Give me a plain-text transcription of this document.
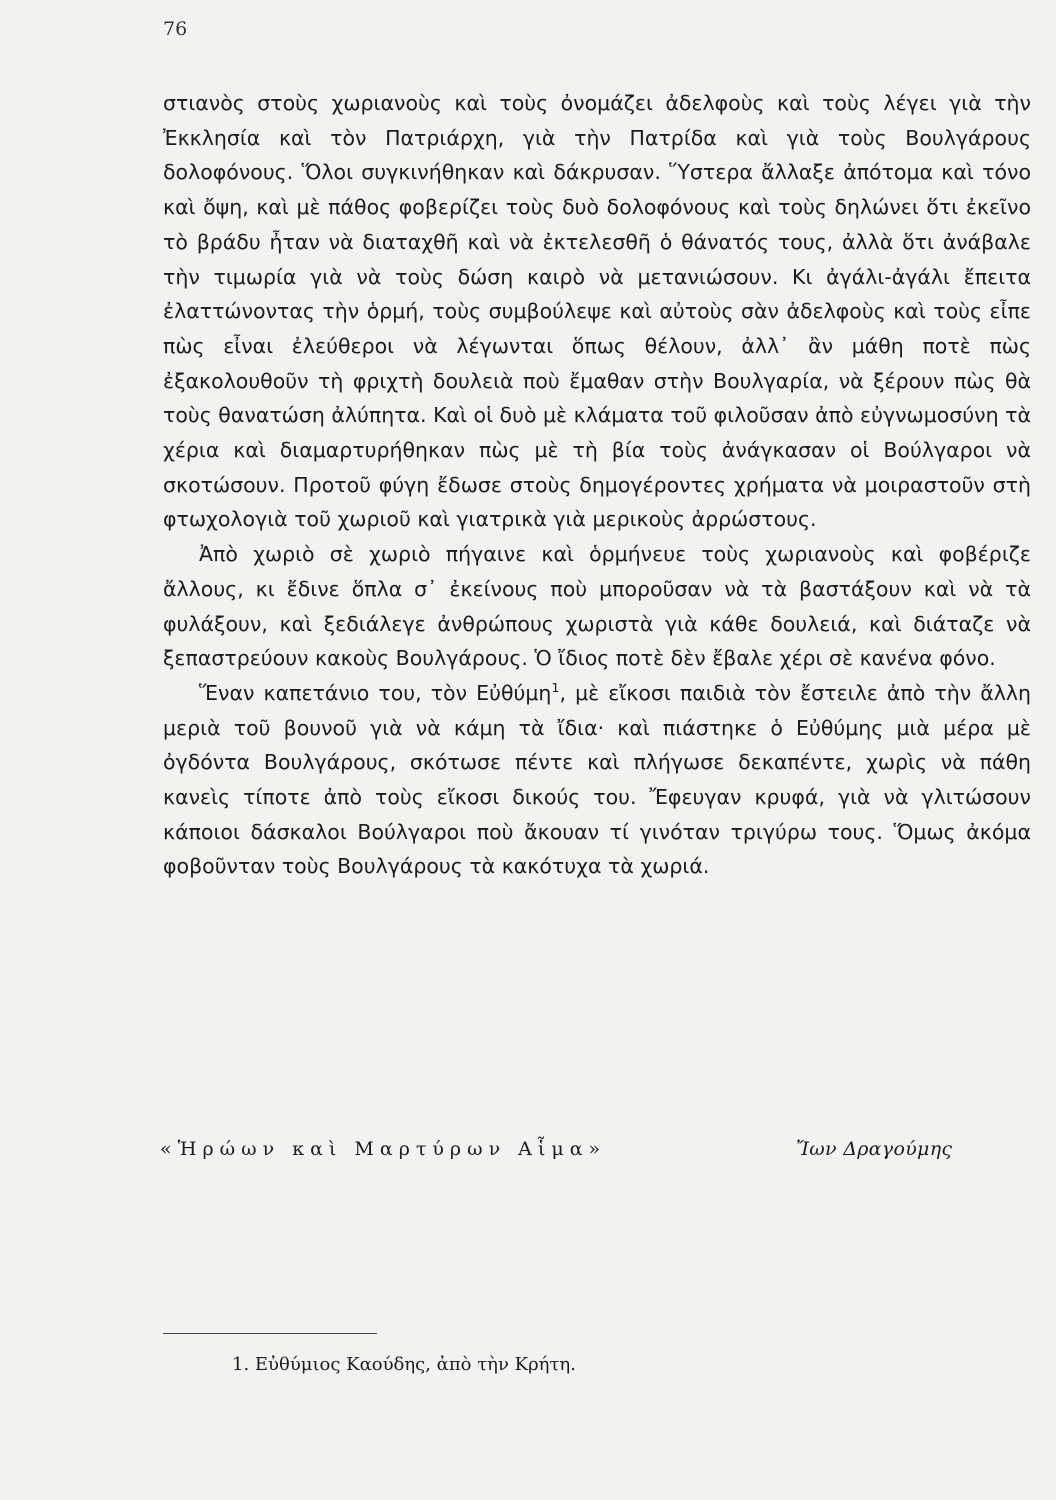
76

στιανὸς στοὺς χωριανοὺς καὶ τοὺς ὀνομάζει ἀδελφοὺς καὶ τοὺς λέγει γιὰ τὴν Ἐκκλησία καὶ τὸν Πατριάρχη, γιὰ τὴν Πατρίδα καὶ γιὰ τοὺς Βουλγάρους δολοφόνους. Ὅλοι συγκινήθηκαν καὶ δάκρυσαν. Ὕστερα ἄλλαξε ἀπότομα καὶ τόνο καὶ ὄψη, καὶ μὲ πάθος φοβερίζει τοὺς δυὸ δολοφόνους καὶ τοὺς δηλώνει ὅτι ἐκεῖνο τὸ βράδυ ἦταν νὰ διαταχθῆ καὶ νὰ ἐκτελεσθῆ ὁ θάνατός τους, ἀλλὰ ὅτι ἀνάβαλε τὴν τιμωρία γιὰ νὰ τοὺς δώση καιρὸ νὰ μετανιώσουν. Κι ἀγάλι-ἀγάλι ἔπειτα ἐλαττώνοντας τὴν ὁρμή, τοὺς συμβούλεψε καὶ αὐτοὺς σὰν ἀδελφοὺς καὶ τοὺς εἶπε πὼς εἶναι ἐλεύθεροι νὰ λέγωνται ὅπως θέλουν, ἀλλ᾽ ἂν μάθη ποτὲ πὼς ἐξακολουθοῦν τὴ φριχτὴ δουλειὰ ποὺ ἔμαθαν στὴν Βουλγαρία, νὰ ξέρουν πὼς θὰ τοὺς θανατώση ἀλύπητα. Καὶ οἱ δυὸ μὲ κλάματα τοῦ φιλοῦσαν ἀπὸ εὐγνωμοσύνη τὰ χέρια καὶ διαμαρτυρήθηκαν πὼς μὲ τὴ βία τοὺς ἀνάγκασαν οἱ Βούλγαροι νὰ σκοτώσουν. Προτοῦ φύγη ἔδωσε στοὺς δημογέροντες χρήματα νὰ μοιραστοῦν στὴ φτωχολογιὰ τοῦ χωριοῦ καὶ γιατρικὰ γιὰ μερικοὺς ἀρρώστους.

Ἀπὸ χωριὸ σὲ χωριὸ πήγαινε καὶ ὁρμήνευε τοὺς χωριανοὺς καὶ φοβέριζε ἄλλους, κι ἔδινε ὅπλα σ᾽ ἐκείνους ποὺ μποροῦσαν νὰ τὰ βαστάξουν καὶ νὰ τὰ φυλάξουν, καὶ ξεδιάλεγε ἀνθρώπους χωριστὰ γιὰ κάθε δουλειά, καὶ διάταζε νὰ ξεπαστρεύουν κακοὺς Βουλγάρους. Ὁ ἴδιος ποτὲ δὲν ἔβαλε χέρι σὲ κανένα φόνο.

Ἕναν καπετάνιο του, τὸν Εὐθύμη$^1$, μὲ εἴκοσι παιδιὰ τὸν ἔστειλε ἀπὸ τὴν ἄλλη μεριὰ τοῦ βουνοῦ γιὰ νὰ κάμη τὰ ἴδια· καὶ πιάστηκε ὁ Εὐθύμης μιὰ μέρα μὲ ὀγδόντα Βουλγάρους, σκότωσε πέντε καὶ πλήγωσε δεκαπέντε, χωρὶς νὰ πάθη κανεὶς τίποτε ἀπὸ τοὺς εἴκοσι δικούς του. Ἔφευγαν κρυφά, γιὰ νὰ γλιτώσουν κάποιοι δάσκαλοι Βούλγαροι ποὺ ἄκουαν τί γινόταν τριγύρω τους. Ὅμως ἀκόμα φοβοῦνταν τοὺς Βουλγάρους τὰ κακότυχα τὰ χωριά.

«Ἡρώων καὶ Μαρτύρων Αἷμα»	Ἴων Δραγούμης
1. Εὐθύμιος Καούδης, ἀπὸ τὴν Κρήτη.
